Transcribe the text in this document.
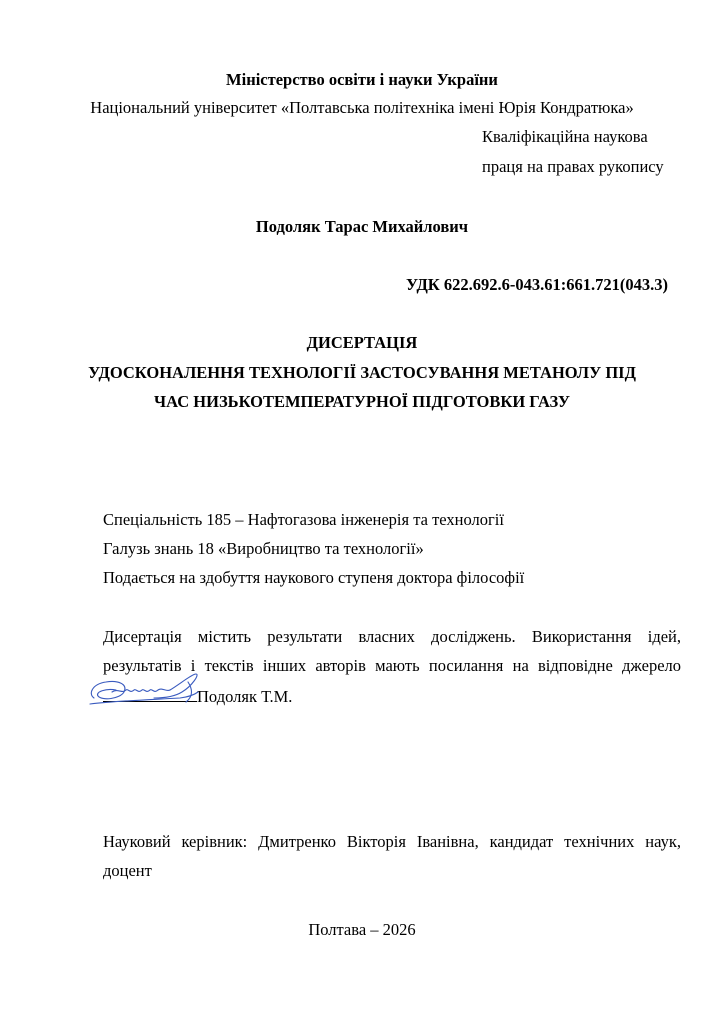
Міністерство освіти і науки України
Національний університет «Полтавська політехніка імені Юрія Кондратюка»
Кваліфікаційна наукова
праця на правах рукопису
Подоляк Тарас Михайлович
УДК 622.692.6-043.61:661.721(043.3)
ДИСЕРТАЦІЯ
УДОСКОНАЛЕННЯ ТЕХНОЛОГІЇ ЗАСТОСУВАННЯ МЕТАНОЛУ ПІД
ЧАС НИЗЬКОТЕМПЕРАТУРНОЇ ПІДГОТОВКИ ГАЗУ
Спеціальність 185 – Нафтогазова інженерія та технології
Галузь знань 18 «Виробництво та технології»
Подається на здобуття наукового ступеня доктора філософії
Дисертація містить результати власних досліджень. Використання ідей,
результатів і текстів інших авторів мають посилання на відповідне джерело
Подоляк Т.М.
Науковий керівник: Дмитренко Вікторія Іванівна, кандидат технічних наук,
доцент
Полтава – 2026
